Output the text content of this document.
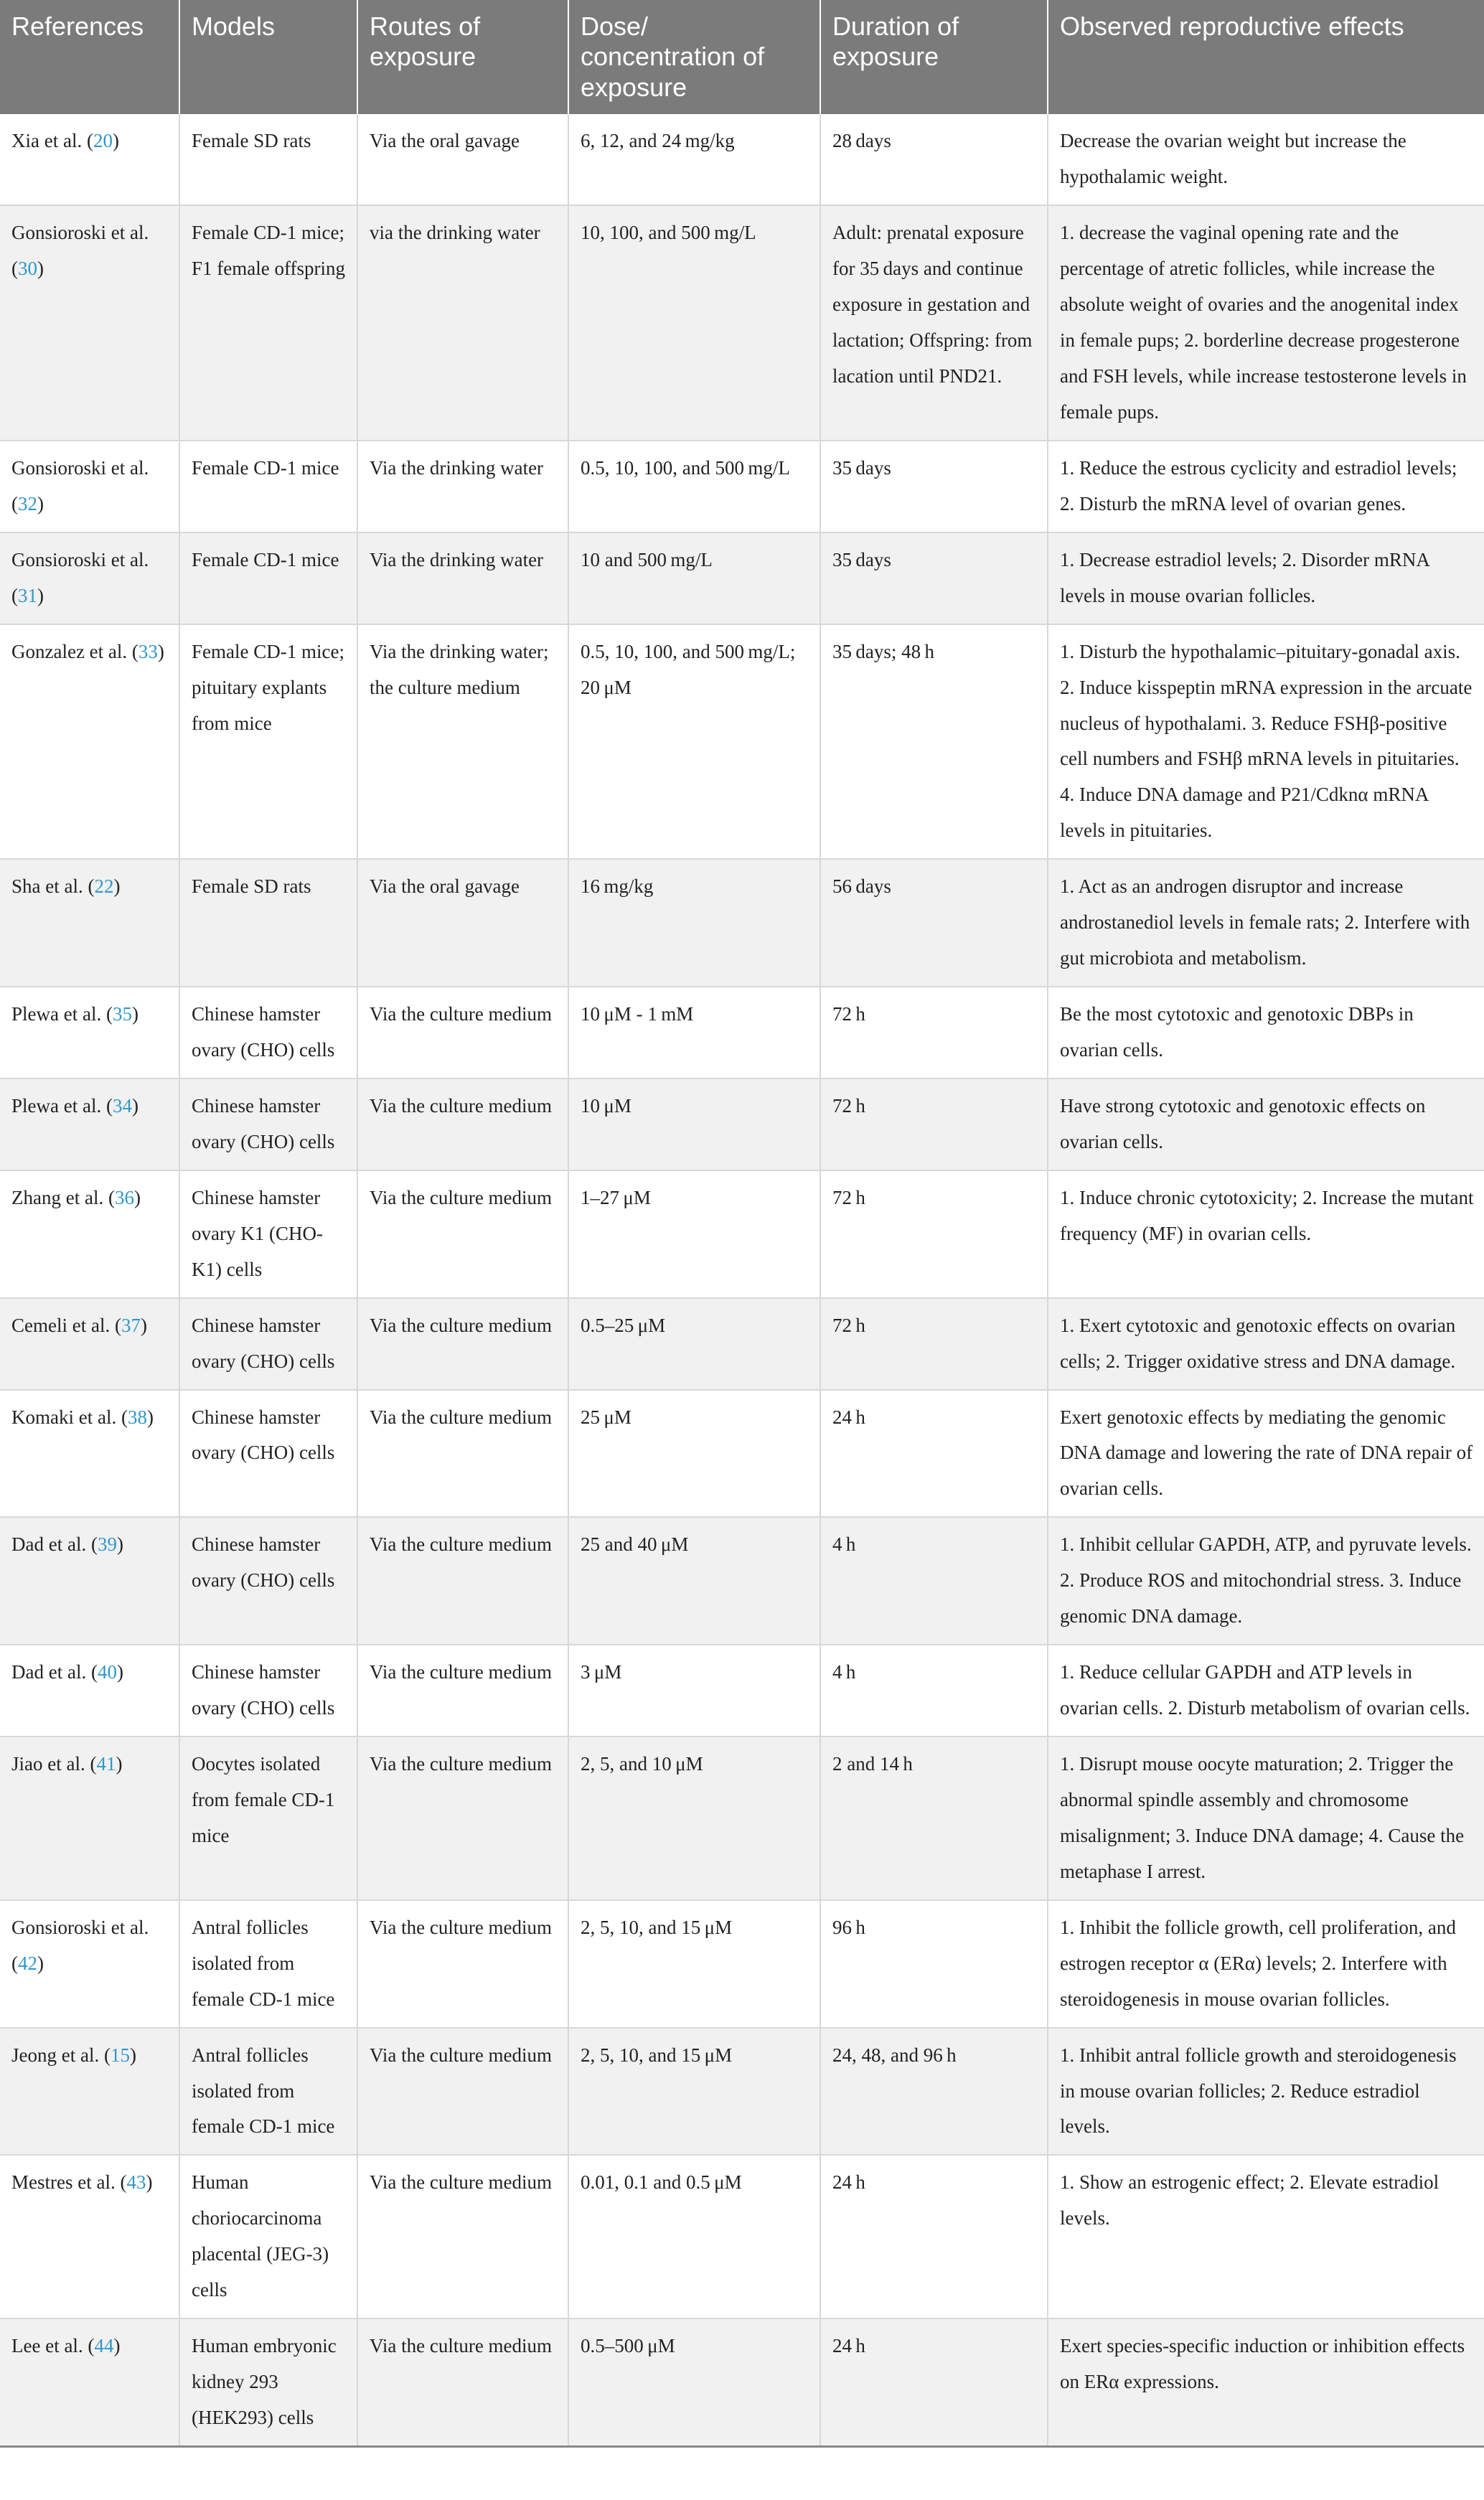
References	Models	Routes of exposure	Dose/ concentration of exposure	Duration of exposure	Observed reproductive effects
Xia et al. (20)	Female SD rats	Via the oral gavage	6, 12, and 24 mg/kg	28 days	Decrease the ovarian weight but increase the hypothalamic weight.
Gonsioroski et al. (30)	Female CD-1 mice; F1 female offspring	via the drinking water	10, 100, and 500 mg/L	Adult: prenatal exposure for 35 days and continue exposure in gestation and lactation; Offspring: from lacation until PND21.	1. decrease the vaginal opening rate and the percentage of atretic follicles, while increase the absolute weight of ovaries and the anogenital index in female pups; 2. borderline decrease progesterone and FSH levels, while increase testosterone levels in female pups.
Gonsioroski et al. (32)	Female CD-1 mice	Via the drinking water	0.5, 10, 100, and 500 mg/L	35 days	1. Reduce the estrous cyclicity and estradiol levels; 2. Disturb the mRNA level of ovarian genes.
Gonsioroski et al. (31)	Female CD-1 mice	Via the drinking water	10 and 500 mg/L	35 days	1. Decrease estradiol levels; 2. Disorder mRNA levels in mouse ovarian follicles.
Gonzalez et al. (33)	Female CD-1 mice; pituitary explants from mice	Via the drinking water; the culture medium	0.5, 10, 100, and 500 mg/L; 20 μM	35 days; 48 h	1. Disturb the hypothalamic–pituitary-gonadal axis. 2. Induce kisspeptin mRNA expression in the arcuate nucleus of hypothalami. 3. Reduce FSHβ-positive cell numbers and FSHβ mRNA levels in pituitaries. 4. Induce DNA damage and P21/Cdknα mRNA levels in pituitaries.
Sha et al. (22)	Female SD rats	Via the oral gavage	16 mg/kg	56 days	1. Act as an androgen disruptor and increase androstanediol levels in female rats; 2. Interfere with gut microbiota and metabolism.
Plewa et al. (35)	Chinese hamster ovary (CHO) cells	Via the culture medium	10 μM - 1 mM	72 h	Be the most cytotoxic and genotoxic DBPs in ovarian cells.
Plewa et al. (34)	Chinese hamster ovary (CHO) cells	Via the culture medium	10 μM	72 h	Have strong cytotoxic and genotoxic effects on ovarian cells.
Zhang et al. (36)	Chinese hamster ovary K1 (CHO-K1) cells	Via the culture medium	1–27 μM	72 h	1. Induce chronic cytotoxicity; 2. Increase the mutant frequency (MF) in ovarian cells.
Cemeli et al. (37)	Chinese hamster ovary (CHO) cells	Via the culture medium	0.5–25 μM	72 h	1. Exert cytotoxic and genotoxic effects on ovarian cells; 2. Trigger oxidative stress and DNA damage.
Komaki et al. (38)	Chinese hamster ovary (CHO) cells	Via the culture medium	25 μM	24 h	Exert genotoxic effects by mediating the genomic DNA damage and lowering the rate of DNA repair of ovarian cells.
Dad et al. (39)	Chinese hamster ovary (CHO) cells	Via the culture medium	25 and 40 μM	4 h	1. Inhibit cellular GAPDH, ATP, and pyruvate levels. 2. Produce ROS and mitochondrial stress. 3. Induce genomic DNA damage.
Dad et al. (40)	Chinese hamster ovary (CHO) cells	Via the culture medium	3 μM	4 h	1. Reduce cellular GAPDH and ATP levels in ovarian cells. 2. Disturb metabolism of ovarian cells.
Jiao et al. (41)	Oocytes isolated from female CD-1 mice	Via the culture medium	2, 5, and 10 μM	2 and 14 h	1. Disrupt mouse oocyte maturation; 2. Trigger the abnormal spindle assembly and chromosome misalignment; 3. Induce DNA damage; 4. Cause the metaphase I arrest.
Gonsioroski et al. (42)	Antral follicles isolated from female CD-1 mice	Via the culture medium	2, 5, 10, and 15 μM	96 h	1. Inhibit the follicle growth, cell proliferation, and estrogen receptor α (ERα) levels; 2. Interfere with steroidogenesis in mouse ovarian follicles.
Jeong et al. (15)	Antral follicles isolated from female CD-1 mice	Via the culture medium	2, 5, 10, and 15 μM	24, 48, and 96 h	1. Inhibit antral follicle growth and steroidogenesis in mouse ovarian follicles; 2. Reduce estradiol levels.
Mestres et al. (43)	Human choriocarcinoma placental (JEG-3) cells	Via the culture medium	0.01, 0.1 and 0.5 μM	24 h	1. Show an estrogenic effect; 2. Elevate estradiol levels.
Lee et al. (44)	Human embryonic kidney 293 (HEK293) cells	Via the culture medium	0.5–500 μM	24 h	Exert species-specific induction or inhibition effects on ERα expressions.
